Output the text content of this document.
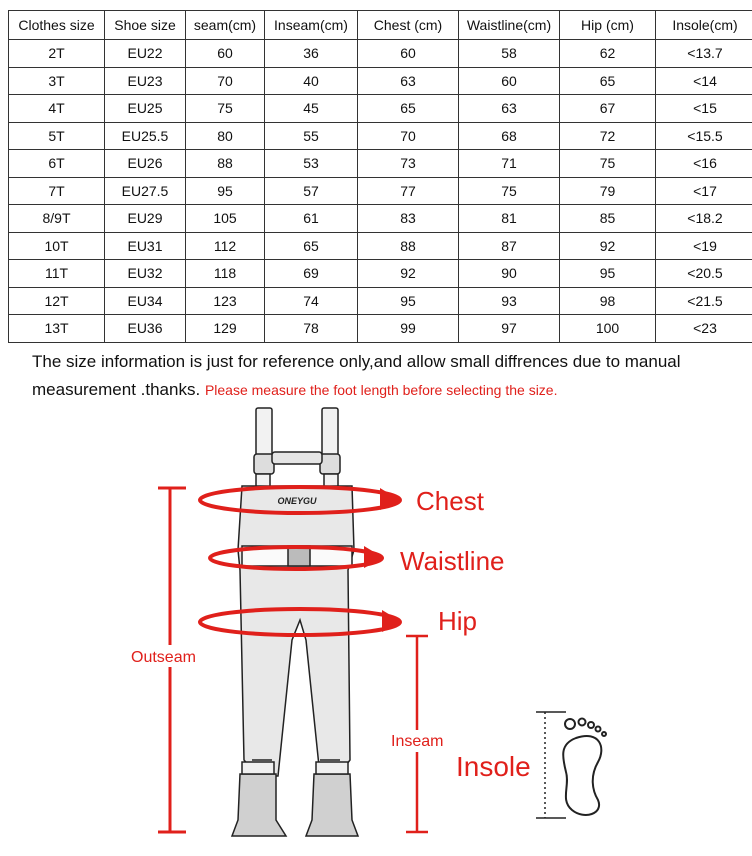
Clothes size	Shoe size	seam(cm)	Inseam(cm)	Chest (cm)	Waistline(cm)	Hip (cm)	Insole(cm)
2T	EU22	60	36	60	58	62	<13.7
3T	EU23	70	40	63	60	65	<14
4T	EU25	75	45	65	63	67	<15
5T	EU25.5	80	55	70	68	72	<15.5
6T	EU26	88	53	73	71	75	<16
7T	EU27.5	95	57	77	75	79	<17
8/9T	EU29	105	61	83	81	85	<18.2
10T	EU31	112	65	88	87	92	<19
11T	EU32	118	69	92	90	95	<20.5
12T	EU34	123	74	95	93	98	<21.5
13T	EU36	129	78	99	97	100	<23
The size information is just for reference only,and allow small diffrences due to manual measurement .thanks. Please measure the foot length before selecting the size.
ONEYGU	Chest
Waistline
Hip
Outseam
Inseam
Insole
